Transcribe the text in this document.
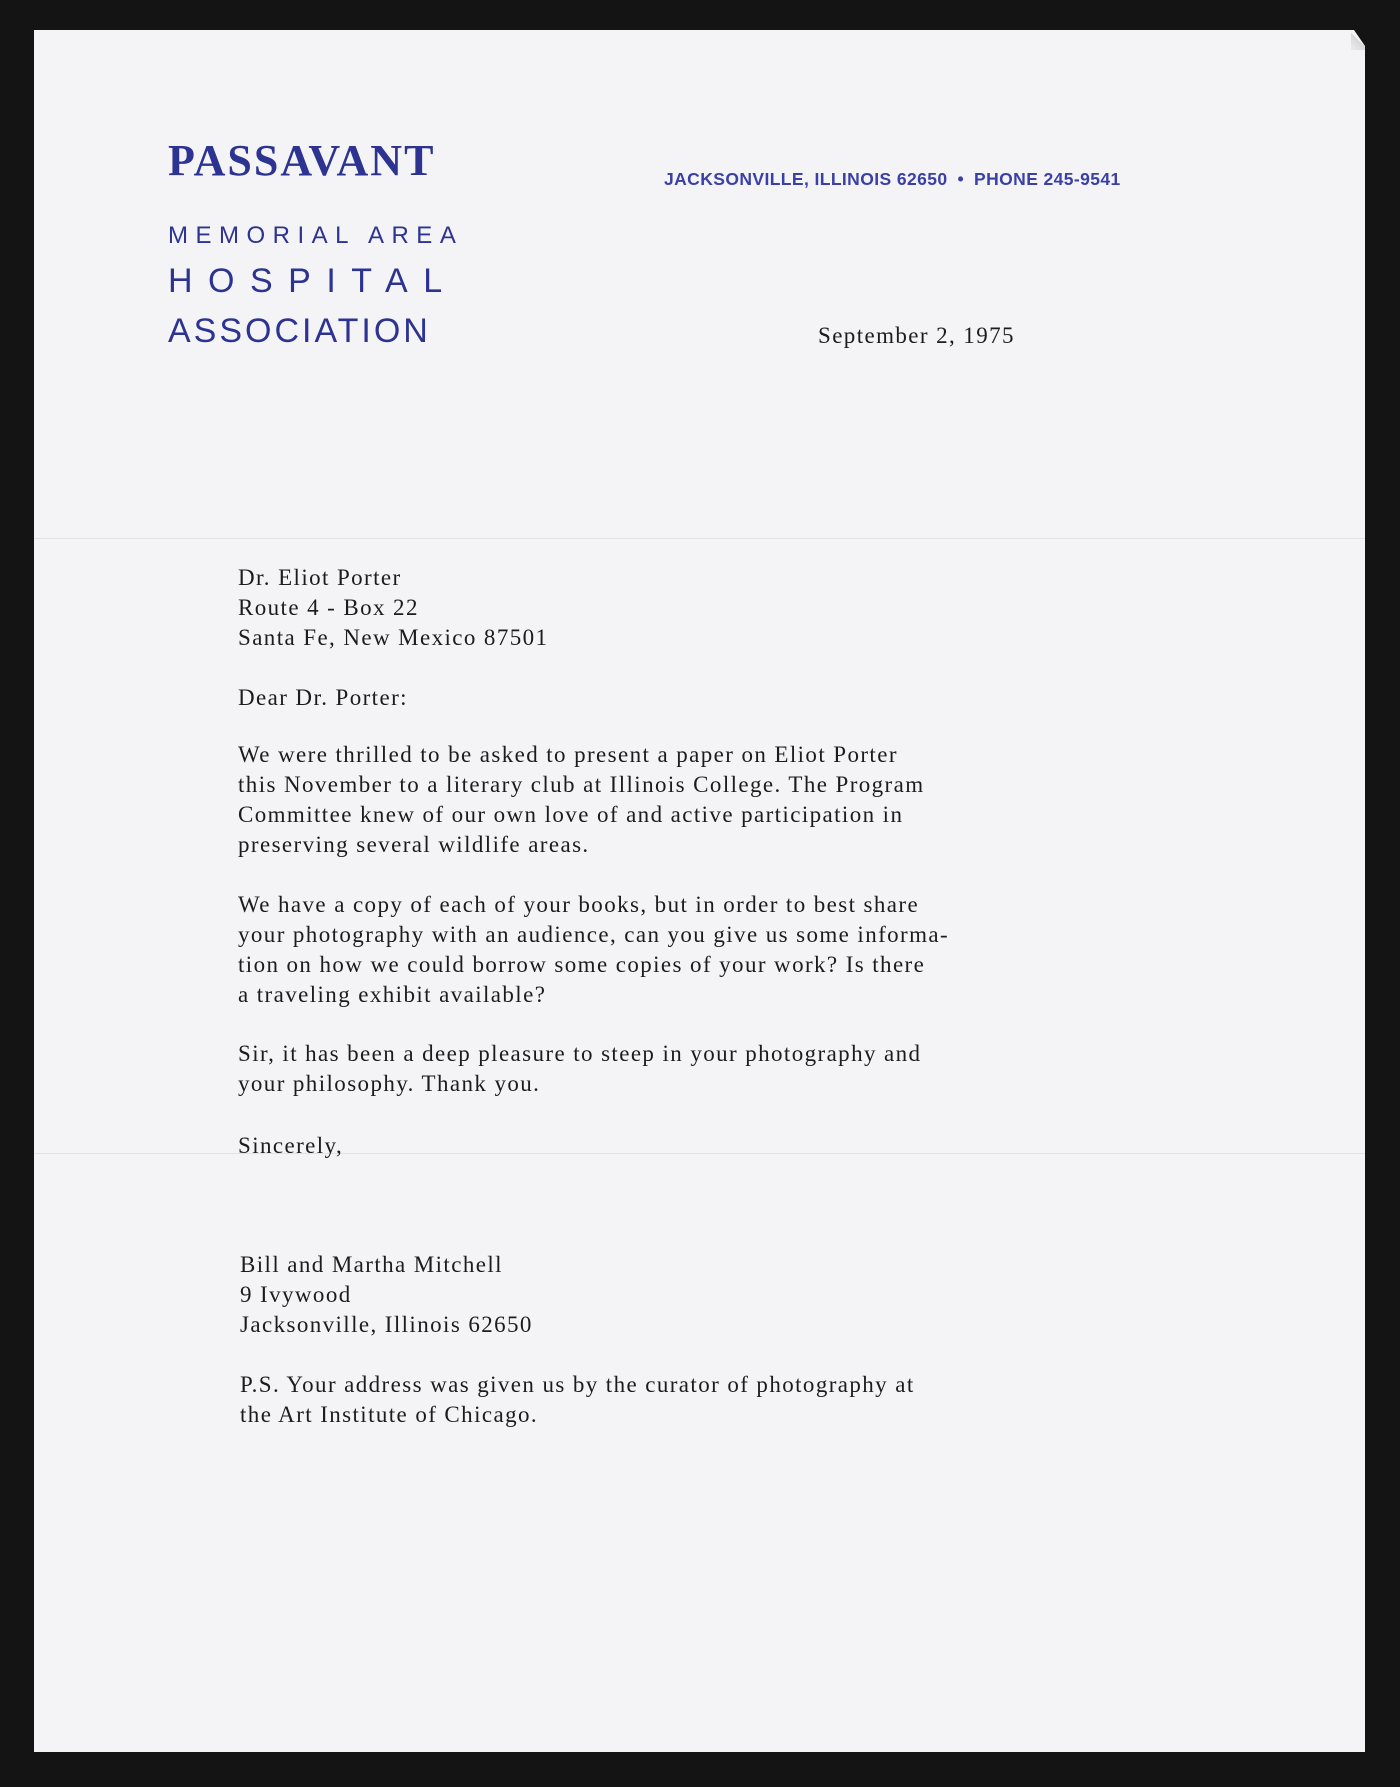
PASSAVANT
MEMORIAL AREA
HOSPITAL
ASSOCIATION
JACKSONVILLE, ILLINOIS 62650 • PHONE 245-9541
September 2, 1975
Dr. Eliot Porter
Route 4 - Box 22
Santa Fe, New Mexico 87501
Dear Dr. Porter:
We were thrilled to be asked to present a paper on Eliot Porter
this November to a literary club at Illinois College. The Program
Committee knew of our own love of and active participation in
preserving several wildlife areas.
We have a copy of each of your books, but in order to best share
your photography with an audience, can you give us some informa-
tion on how we could borrow some copies of your work? Is there
a traveling exhibit available?
Sir, it has been a deep pleasure to steep in your photography and
your philosophy. Thank you.
Sincerely,
Bill and Martha Mitchell
9 Ivywood
Jacksonville, Illinois 62650
P.S. Your address was given us by the curator of photography at
the Art Institute of Chicago.
